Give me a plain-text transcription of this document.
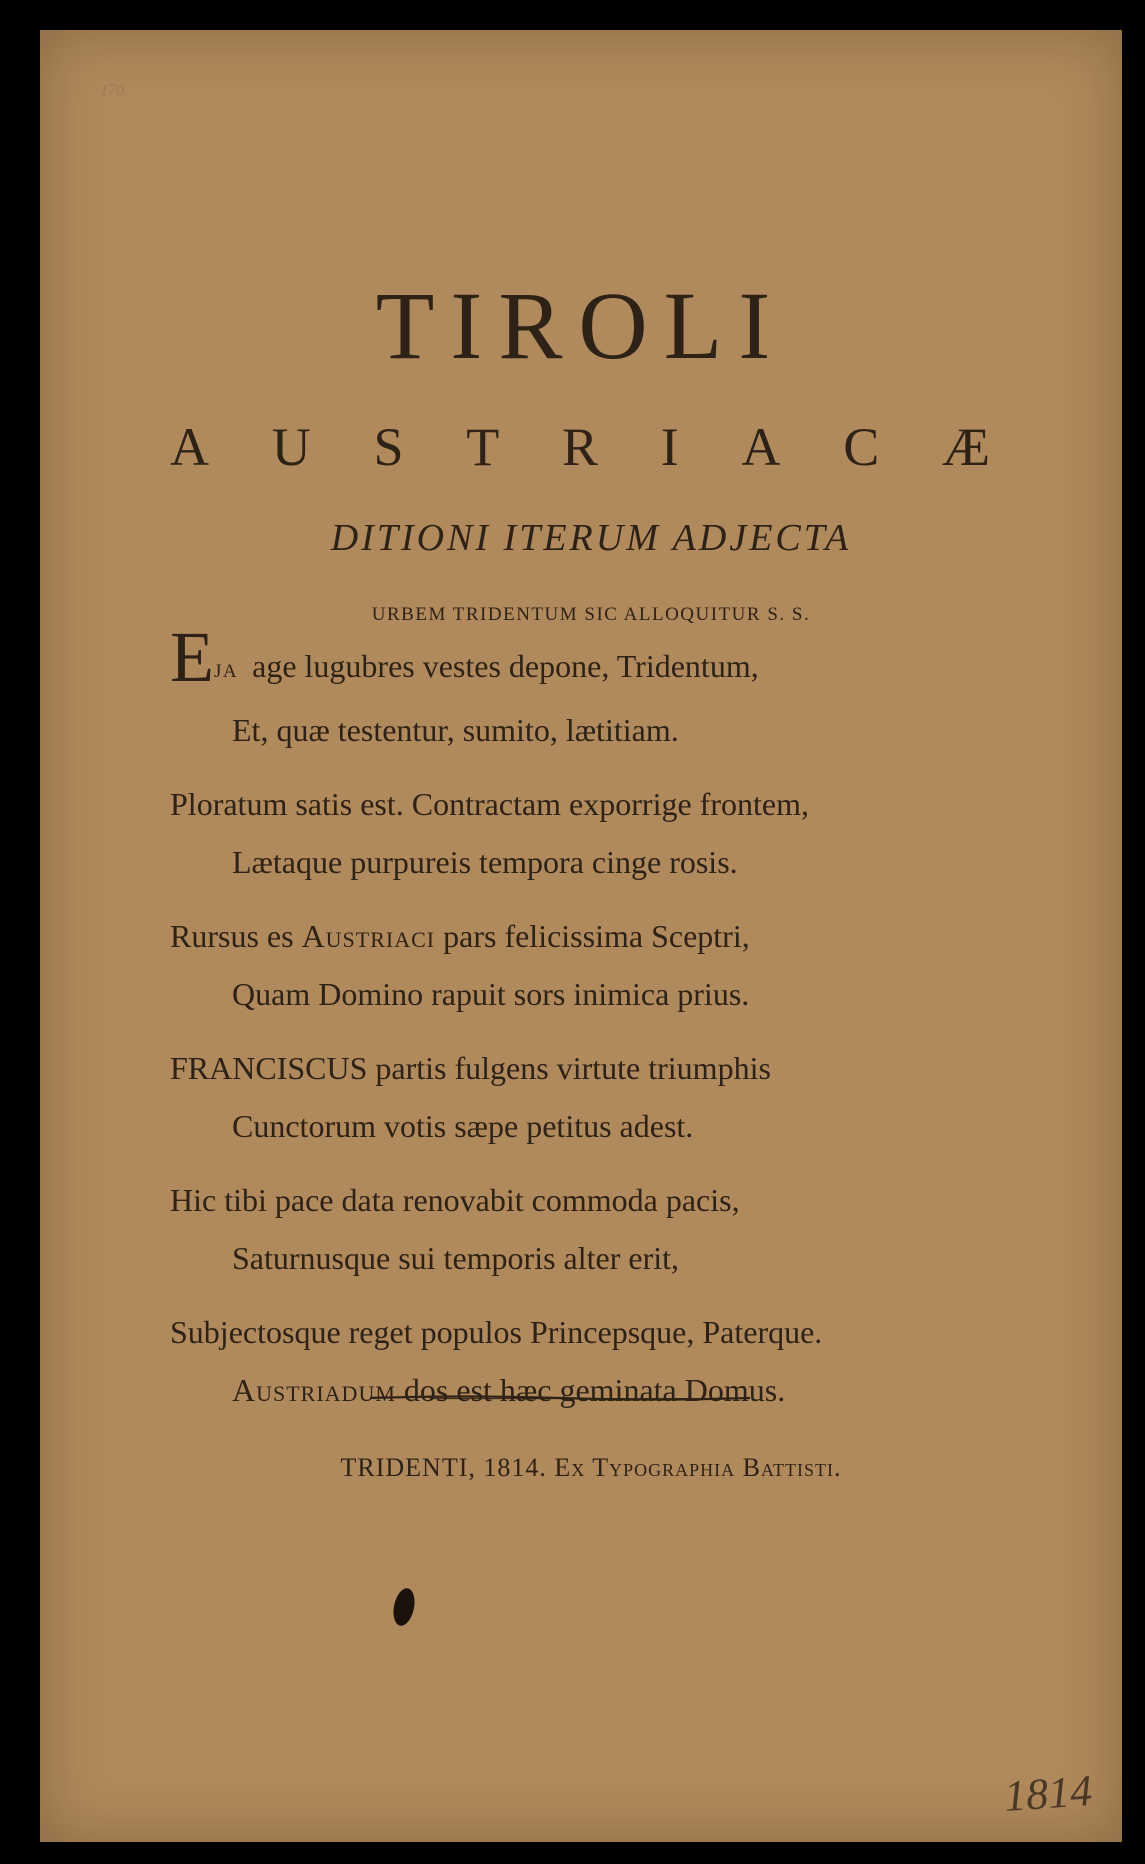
170
TIROLI
A U S T R I A C Æ
DITIONI ITERUM ADJECTA
URBEM TRIDENTUM SIC ALLOQUITUR S. S.
EJA age lugubres vestes depone, Tridentum,
Et, quæ testentur, sumito, lætitiam.
Ploratum satis est. Contractam exporrige frontem,
Lætaque purpureis tempora cinge rosis.
Rursus es Austriaci pars felicissima Sceptri,
Quam Domino rapuit sors inimica prius.
FRANCISCUS partis fulgens virtute triumphis
Cunctorum votis sæpe petitus adest.
Hic tibi pace data renovabit commoda pacis,
Saturnusque sui temporis alter erit,
Subjectosque reget populos Princepsque, Paterque.
Austriadum dos est hæc geminata Domus.
TRIDENTI, 1814. Ex Typographia Battisti.
1814
